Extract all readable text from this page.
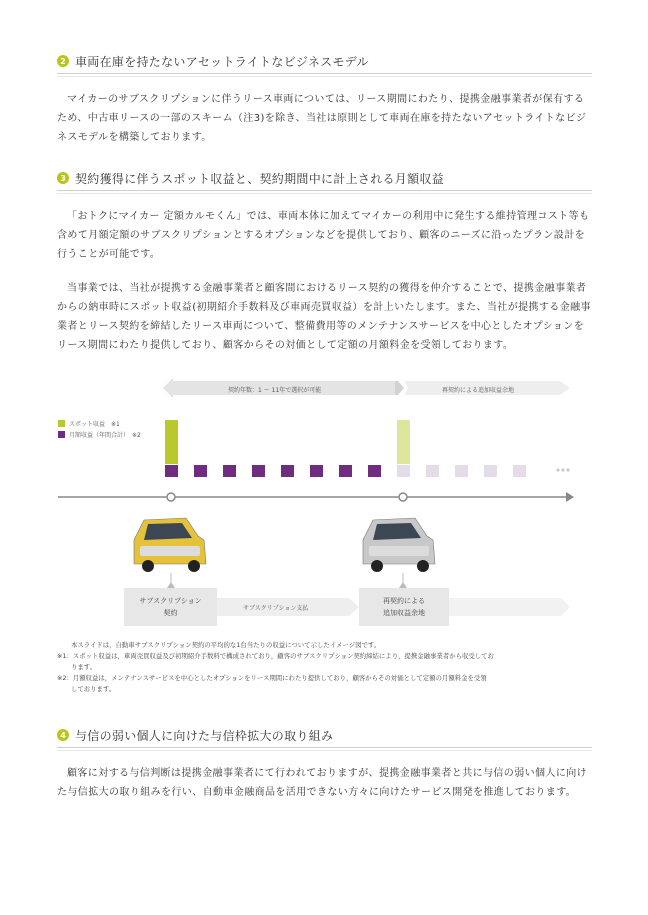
2 車両在庫を持たないアセットライトなビジネスモデル

マイカーのサブスクリプションに伴うリース車両については、リース期間にわたり、提携金融事業者が保有するため、中古車リースの一部のスキーム（注3)を除き、当社は原則として車両在庫を持たないアセットライトなビジネスモデルを構築しております。

3 契約獲得に伴うスポット収益と、契約期間中に計上される月額収益

「おトクにマイカー 定額カルモくん」では、車両本体に加えてマイカーの利用中に発生する維持管理コスト等も含めて月額定額のサブスクリプションとするオプションなどを提供しており、顧客のニーズに沿ったプラン設計を行うことが可能です。

当事業では、当社が提携する金融事業者と顧客間におけるリース契約の獲得を仲介することで、提携金融事業者からの納車時にスポット収益(初期紹介手数料及び車両売買収益）を計上いたします。また、当社が提携する金融事業者とリース契約を締結したリース車両について、整備費用等のメンテナンスサービスを中心としたオプションをリース期間にわたり提供しており、顧客からその対価として定額の月額料金を受領しております。

契約年数：1 〜 11年で選択が可能	再契約による追加収益余地
スポット収益　※1
月額収益（年間合計）　※2
サブスクリプション
契約
サブスクリプション支払
再契約による
追加収益余地
本スライドは，自動車サブスクリプション契約の平均的な1台当たりの収益について示したイメージ図です。
※1：スポット収益は，車両売買収益及び初期紹介手数料で構成されており，顧客のサブスクリプション契約締結により，提携金融事業者から収受してお
ります。
※2：月額収益は，メンテナンスサービスを中心としたオプションをリース期間にわたり提供しており，顧客からその対価として定額の月額料金を受領
しております。
4 与信の弱い個人に向けた与信枠拡大の取り組み

顧客に対する与信判断は提携金融事業者にて行われておりますが、提携金融事業者と共に与信の弱い個人に向けた与信拡大の取り組みを行い、自動車金融商品を活用できない方々に向けたサービス開発を推進しております。
